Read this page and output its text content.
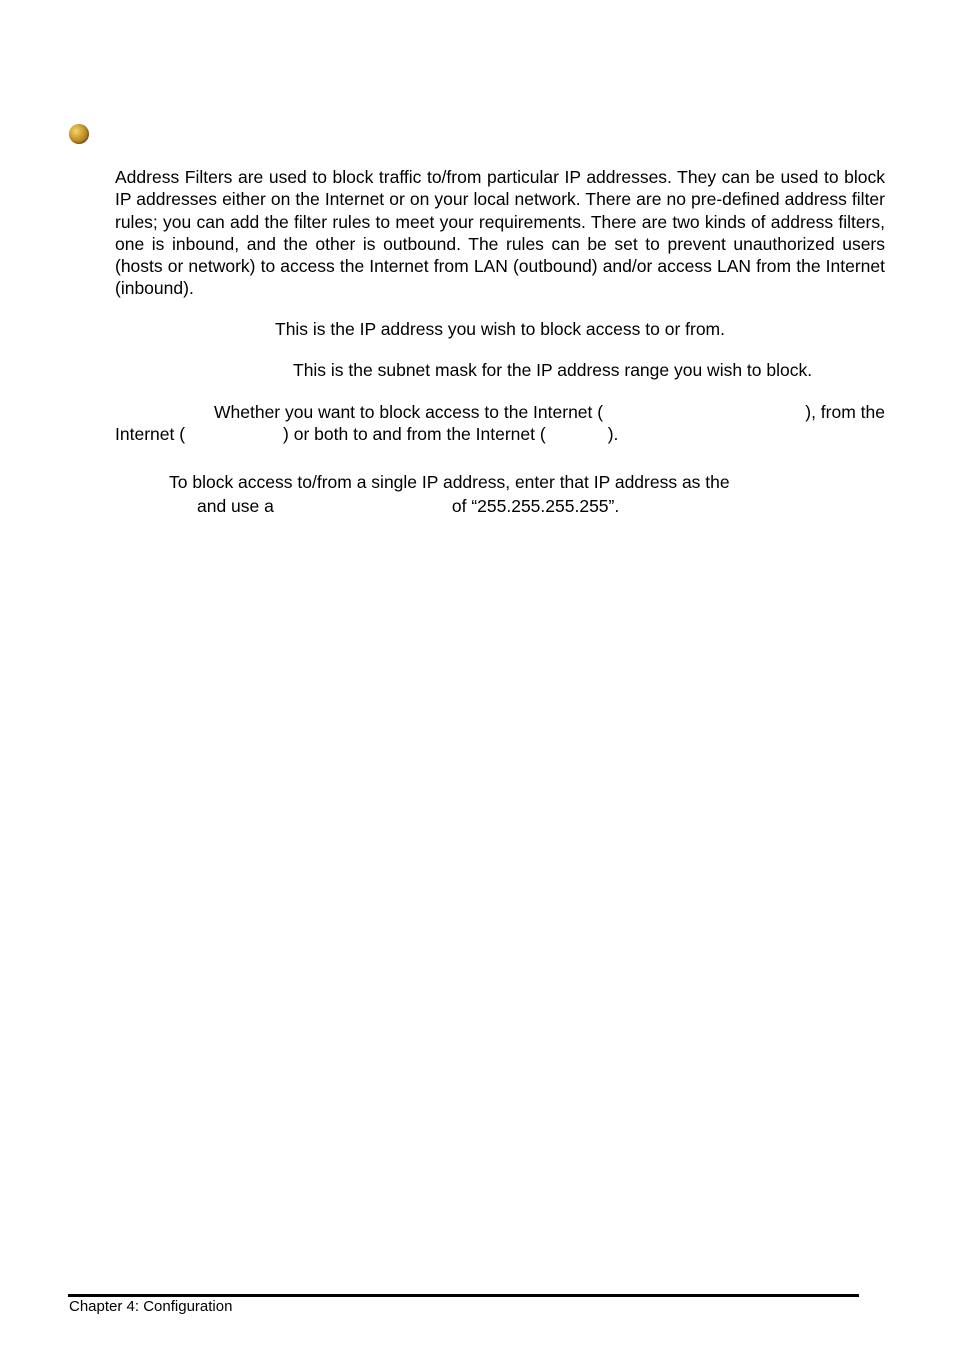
Address Filters are used to block traffic to/from particular IP addresses. They can be used to block IP addresses either on the Internet or on your local network. There are no pre-defined address filter rules; you can add the filter rules to meet your requirements. There are two kinds of address filters, one is inbound, and the other is outbound. The rules can be set to prevent unauthorized users (hosts or network) to access the Internet from LAN (outbound) and/or access LAN from the Internet (inbound).

This is the IP address you wish to block access to or from.

This is the subnet mask for the IP address range you wish to block.

Whether you want to block access to the Internet (	), from the
Internet (	) or both to and from the Internet (	).
To block access to/from a single IP address, enter that IP address as the
and use a	of “255.255.255.255”.
Chapter 4: Configuration
